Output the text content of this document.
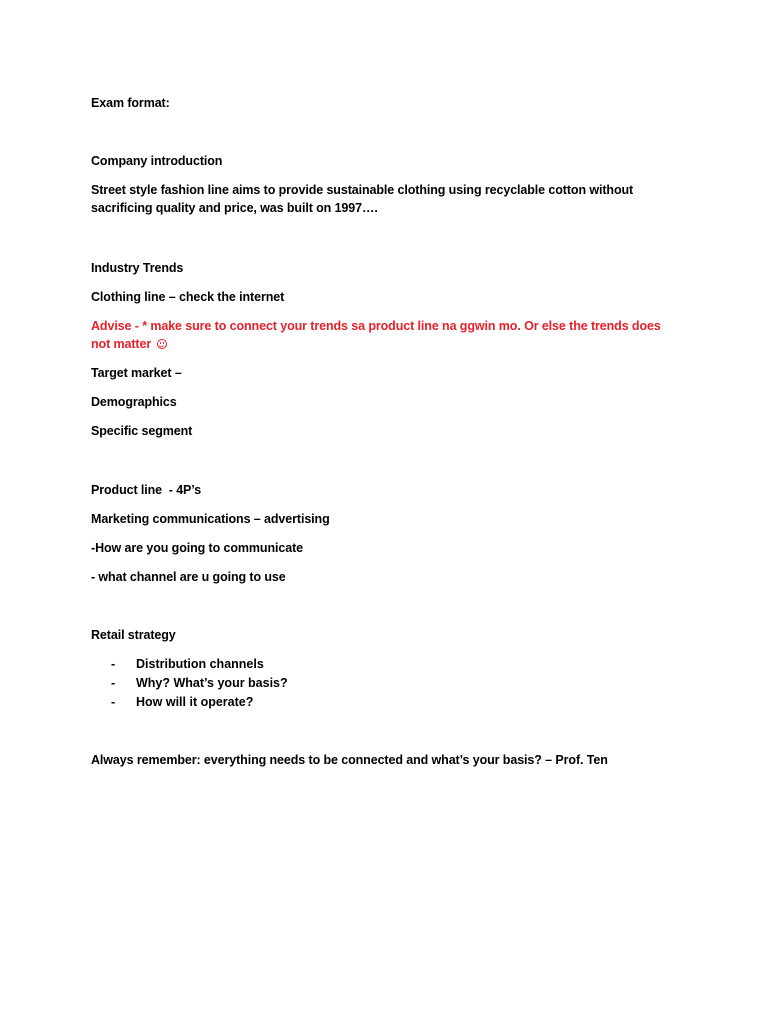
Exam format:

Company introduction

Street style fashion line aims to provide sustainable clothing using recyclable cotton without sacrificing quality and price, was built on 1997….

Industry Trends

Clothing line – check the internet

Advise - * make sure to connect your trends sa product line na ggwin mo. Or else the trends does not matter

Target market –

Demographics

Specific segment

Product line  - 4P’s

Marketing communications – advertising

-How are you going to communicate

- what channel are u going to use

Retail strategy

- Distribution channels
- Why? What’s your basis?
- How will it operate?

Always remember: everything needs to be connected and what’s your basis? – Prof. Ten
